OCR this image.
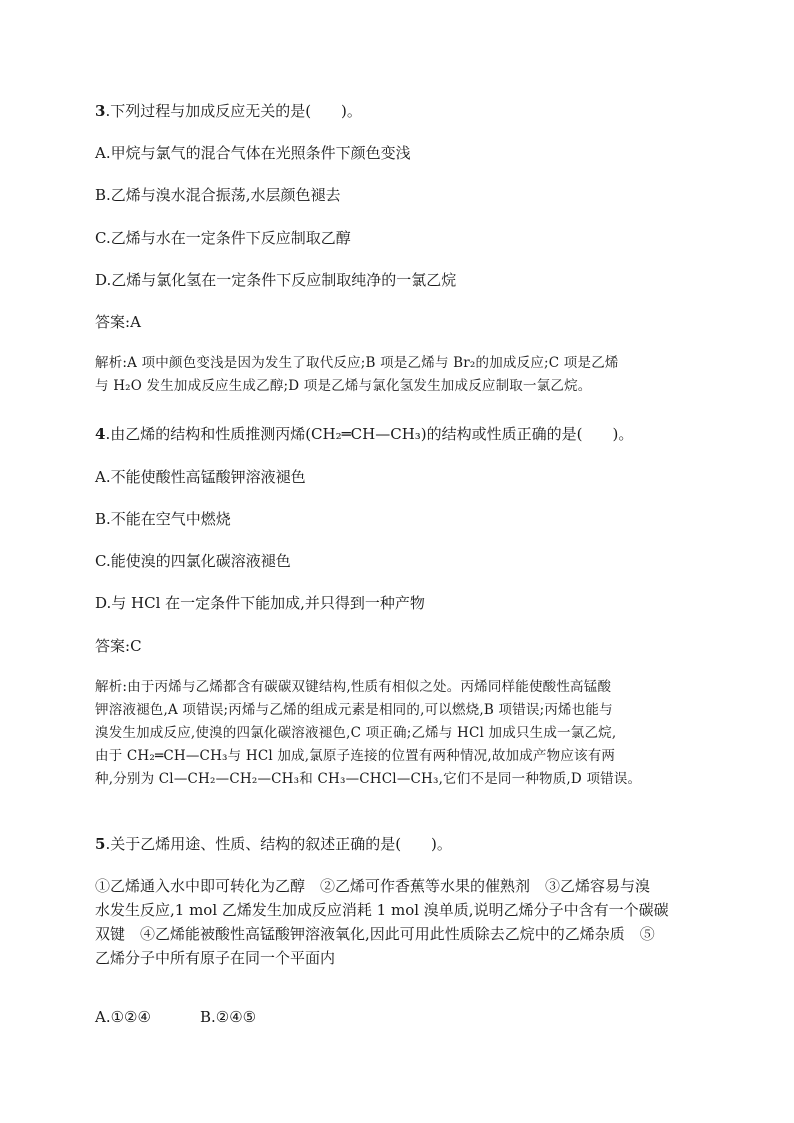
3.下列过程与加成反应无关的是(　　)。
A.甲烷与氯气的混合气体在光照条件下颜色变浅
B.乙烯与溴水混合振荡,水层颜色褪去
C.乙烯与水在一定条件下反应制取乙醇
D.乙烯与氯化氢在一定条件下反应制取纯净的一氯乙烷
答案:A
解析:A 项中颜色变浅是因为发生了取代反应;B 项是乙烯与 Br₂的加成反应;C 项是乙烯
与 H₂O 发生加成反应生成乙醇;D 项是乙烯与氯化氢发生加成反应制取一氯乙烷。
4.由乙烯的结构和性质推测丙烯(CH₂═CH—CH₃)的结构或性质正确的是(　　)。
A.不能使酸性高锰酸钾溶液褪色
B.不能在空气中燃烧
C.能使溴的四氯化碳溶液褪色
D.与 HCl 在一定条件下能加成,并只得到一种产物
答案:C
解析:由于丙烯与乙烯都含有碳碳双键结构,性质有相似之处。丙烯同样能使酸性高锰酸
钾溶液褪色,A 项错误;丙烯与乙烯的组成元素是相同的,可以燃烧,B 项错误;丙烯也能与
溴发生加成反应,使溴的四氯化碳溶液褪色,C 项正确;乙烯与 HCl 加成只生成一氯乙烷,
由于 CH₂═CH—CH₃与 HCl 加成,氯原子连接的位置有两种情况,故加成产物应该有两
种,分别为 Cl—CH₂—CH₂—CH₃和 CH₃—CHCl—CH₃,它们不是同一种物质,D 项错误。
5.关于乙烯用途、性质、结构的叙述正确的是(　　)。
①乙烯通入水中即可转化为乙醇　②乙烯可作香蕉等水果的催熟剂　③乙烯容易与溴
水发生反应,1 mol 乙烯发生加成反应消耗 1 mol 溴单质,说明乙烯分子中含有一个碳碳
双键　④乙烯能被酸性高锰酸钾溶液氧化,因此可用此性质除去乙烷中的乙烯杂质　⑤
乙烯分子中所有原子在同一个平面内
A.①②④	B.②④⑤
